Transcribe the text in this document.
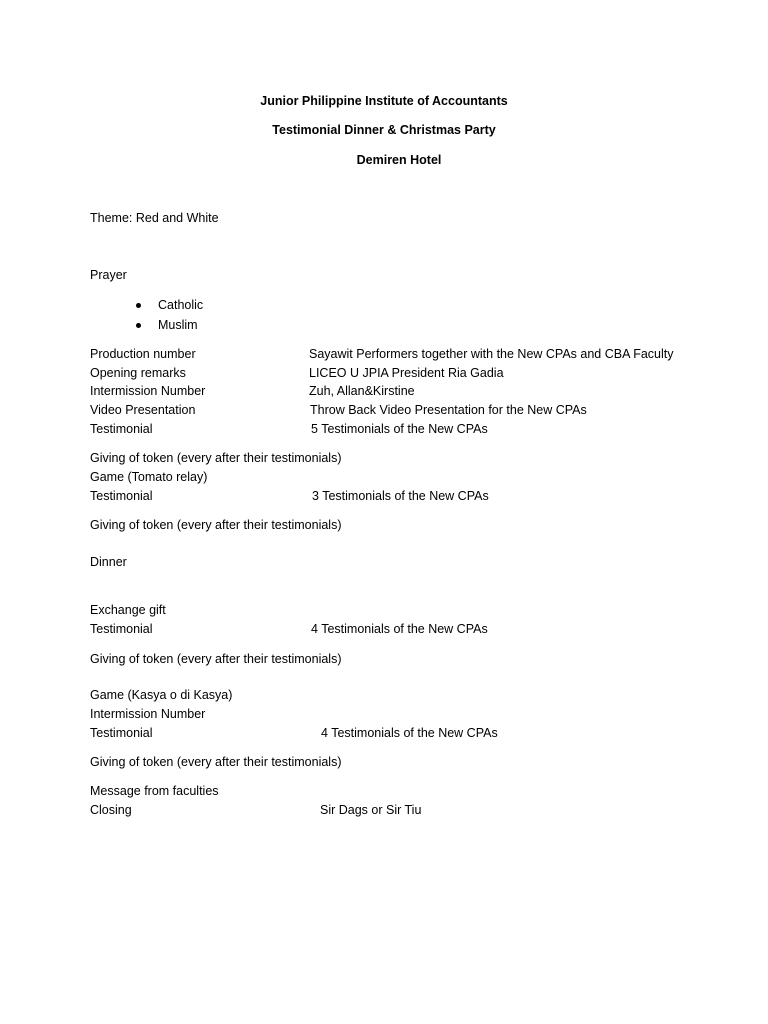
Junior Philippine Institute of Accountants
Testimonial Dinner & Christmas Party
Demiren Hotel
Theme: Red and White
Prayer
Catholic
Muslim
Production number	Sayawit Performers together with the New CPAs and CBA Faculty
Opening remarks	LICEO U JPIA President Ria Gadia
Intermission Number	Zuh, Allan&Kirstine
Video Presentation	Throw Back Video Presentation for the New CPAs
Testimonial	5 Testimonials of the New CPAs
Giving of token (every after their testimonials)
Game (Tomato relay)
Testimonial	3 Testimonials of the New CPAs
Giving of token (every after their testimonials)
Dinner
Exchange gift
Testimonial	4 Testimonials of the New CPAs
Giving of token (every after their testimonials)
Game (Kasya o di Kasya)
Intermission Number
Testimonial	4 Testimonials of the New CPAs
Giving of token (every after their testimonials)
Message from faculties
Closing	Sir Dags or Sir Tiu
